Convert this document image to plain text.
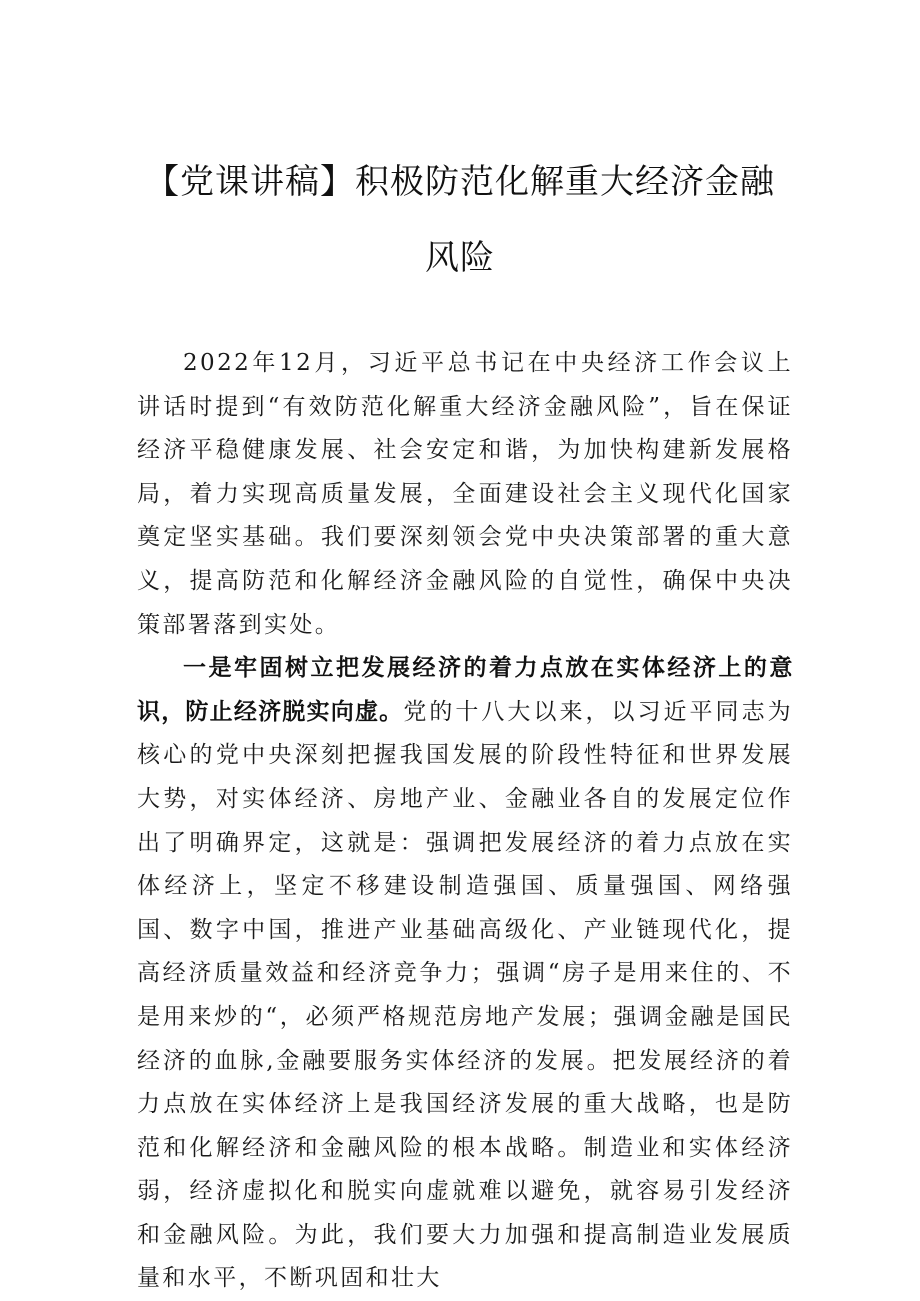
【党课讲稿】积极防范化解重大经济金融
风险

2022年12月，习近平总书记在中央经济工作会议上讲话时提到“有效防范化解重大经济金融风险”，旨在保证经济平稳健康发展、社会安定和谐，为加快构建新发展格局，着力实现高质量发展，全面建设社会主义现代化国家奠定坚实基础。我们要深刻领会党中央决策部署的重大意义，提高防范和化解经济金融风险的自觉性，确保中央决策部署落到实处。

一是牢固树立把发展经济的着力点放在实体经济上的意识，防止经济脱实向虚。党的十八大以来，以习近平同志为核心的党中央深刻把握我国发展的阶段性特征和世界发展大势，对实体经济、房地产业、金融业各自的发展定位作出了明确界定，这就是：强调把发展经济的着力点放在实体经济上，坚定不移建设制造强国、质量强国、网络强国、数字中国，推进产业基础高级化、产业链现代化，提高经济质量效益和经济竞争力；强调“房子是用来住的、不是用来炒的“，必须严格规范房地产发展；强调金融是国民经济的血脉,金融要服务实体经济的发展。把发展经济的着力点放在实体经济上是我国经济发展的重大战略，也是防范和化解经济和金融风险的根本战略。制造业和实体经济弱，经济虚拟化和脱实向虚就难以避免，就容易引发经济和金融风险。为此，我们要大力加强和提高制造业发展质量和水平，不断巩固和壮大
